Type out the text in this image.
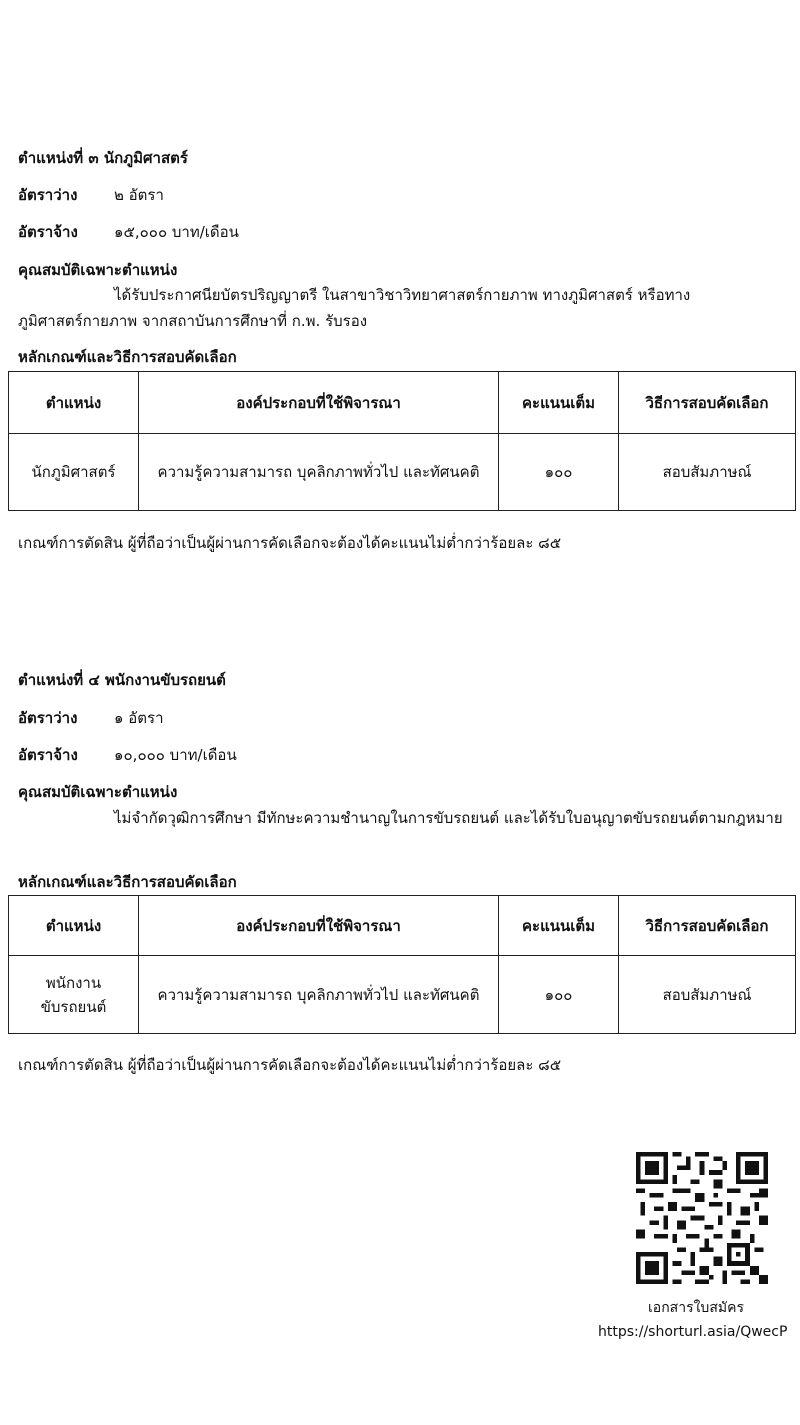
ตำแหน่งที่ ๓ นักภูมิศาสตร์
อัตราว่าง ๒ อัตรา
อัตราจ้าง ๑๕,๐๐๐ บาท/เดือน
คุณสมบัติเฉพาะตำแหน่ง
ได้รับประกาศนียบัตรปริญญาตรี ในสาขาวิชาวิทยาศาสตร์กายภาพ ทางภูมิศาสตร์ หรือทางภูมิศาสตร์กายภาพ จากสถาบันการศึกษาที่ ก.พ. รับรอง
หลักเกณฑ์และวิธีการสอบคัดเลือก
ตำแหน่ง	องค์ประกอบที่ใช้พิจารณา	คะแนนเต็ม	วิธีการสอบคัดเลือก
นักภูมิศาสตร์	ความรู้ความสามารถ บุคลิกภาพทั่วไป และทัศนคติ	๑๐๐	สอบสัมภาษณ์
เกณฑ์การตัดสิน ผู้ที่ถือว่าเป็นผู้ผ่านการคัดเลือกจะต้องได้คะแนนไม่ต่ำกว่าร้อยละ ๘๕
ตำแหน่งที่ ๔ พนักงานขับรถยนต์
อัตราว่าง ๑ อัตรา
อัตราจ้าง ๑๐,๐๐๐ บาท/เดือน
คุณสมบัติเฉพาะตำแหน่ง
ไม่จำกัดวุฒิการศึกษา มีทักษะความชำนาญในการขับรถยนต์ และได้รับใบอนุญาตขับรถยนต์ตามกฎหมาย
หลักเกณฑ์และวิธีการสอบคัดเลือก
ตำแหน่ง	องค์ประกอบที่ใช้พิจารณา	คะแนนเต็ม	วิธีการสอบคัดเลือก
พนักงาน
ขับรถยนต์	ความรู้ความสามารถ บุคลิกภาพทั่วไป และทัศนคติ	๑๐๐	สอบสัมภาษณ์
เกณฑ์การตัดสิน ผู้ที่ถือว่าเป็นผู้ผ่านการคัดเลือกจะต้องได้คะแนนไม่ต่ำกว่าร้อยละ ๘๕
เอกสารใบสมัคร
https://shorturl.asia/QwecP
